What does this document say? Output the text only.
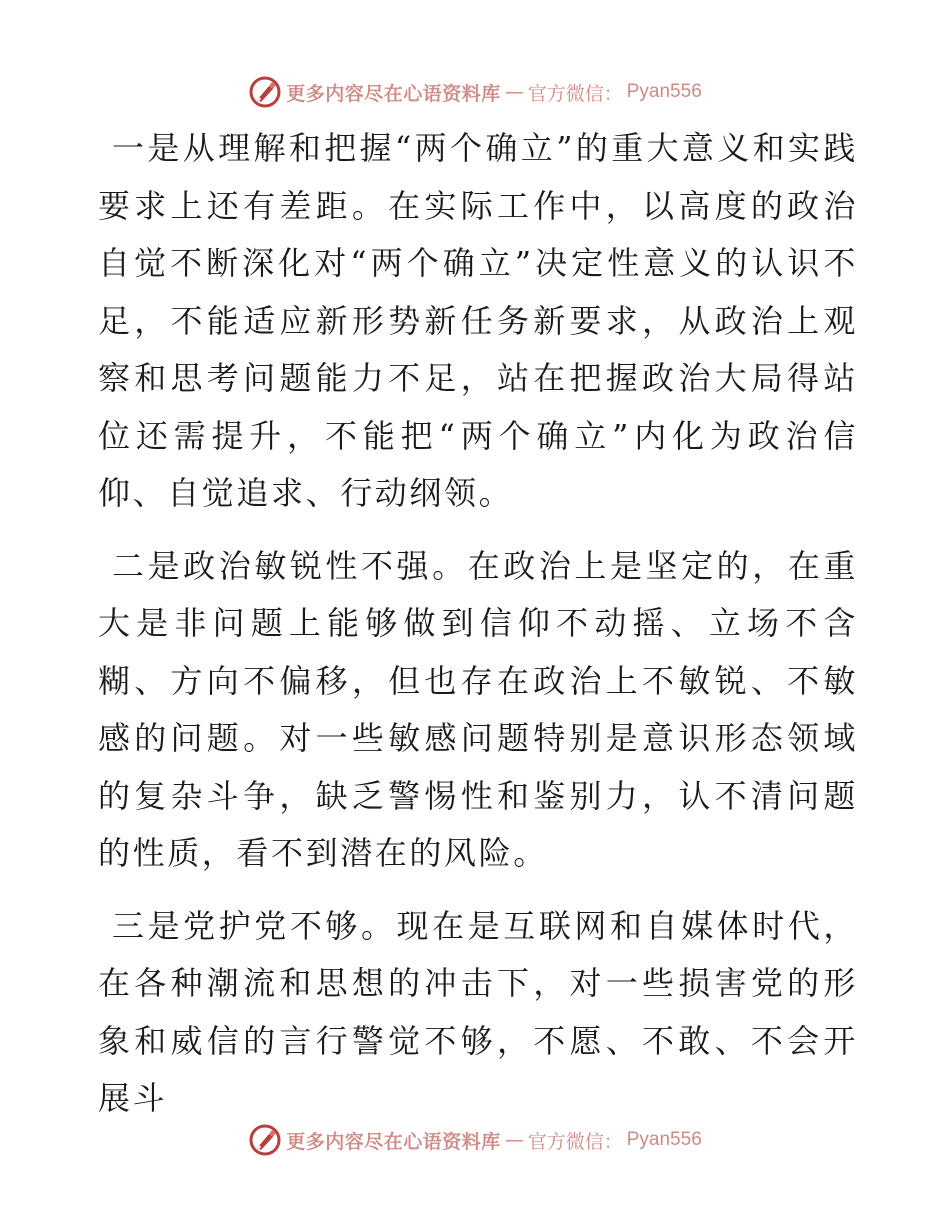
更多内容尽在心语资料库 — 官方微信： Pyan556

一是从理解和把握“两个确立”的重大意义和实践要求上还有差距。在实际工作中，以高度的政治自觉不断深化对“两个确立”决定性意义的认识不足，不能适应新形势新任务新要求，从政治上观察和思考问题能力不足，站在把握政治大局得站位还需提升，不能把“两个确立”内化为政治信仰、自觉追求、行动纲领。

二是政治敏锐性不强。在政治上是坚定的，在重大是非问题上能够做到信仰不动摇、立场不含糊、方向不偏移，但也存在政治上不敏锐、不敏感的问题。对一些敏感问题特别是意识形态领域的复杂斗争，缺乏警惕性和鉴别力，认不清问题的性质，看不到潜在的风险。

三是党护党不够。现在是互联网和自媒体时代，在各种潮流和思想的冲击下，对一些损害党的形象和威信的言行警觉不够，不愿、不敢、不会开展斗

更多内容尽在心语资料库 — 官方微信： Pyan556
